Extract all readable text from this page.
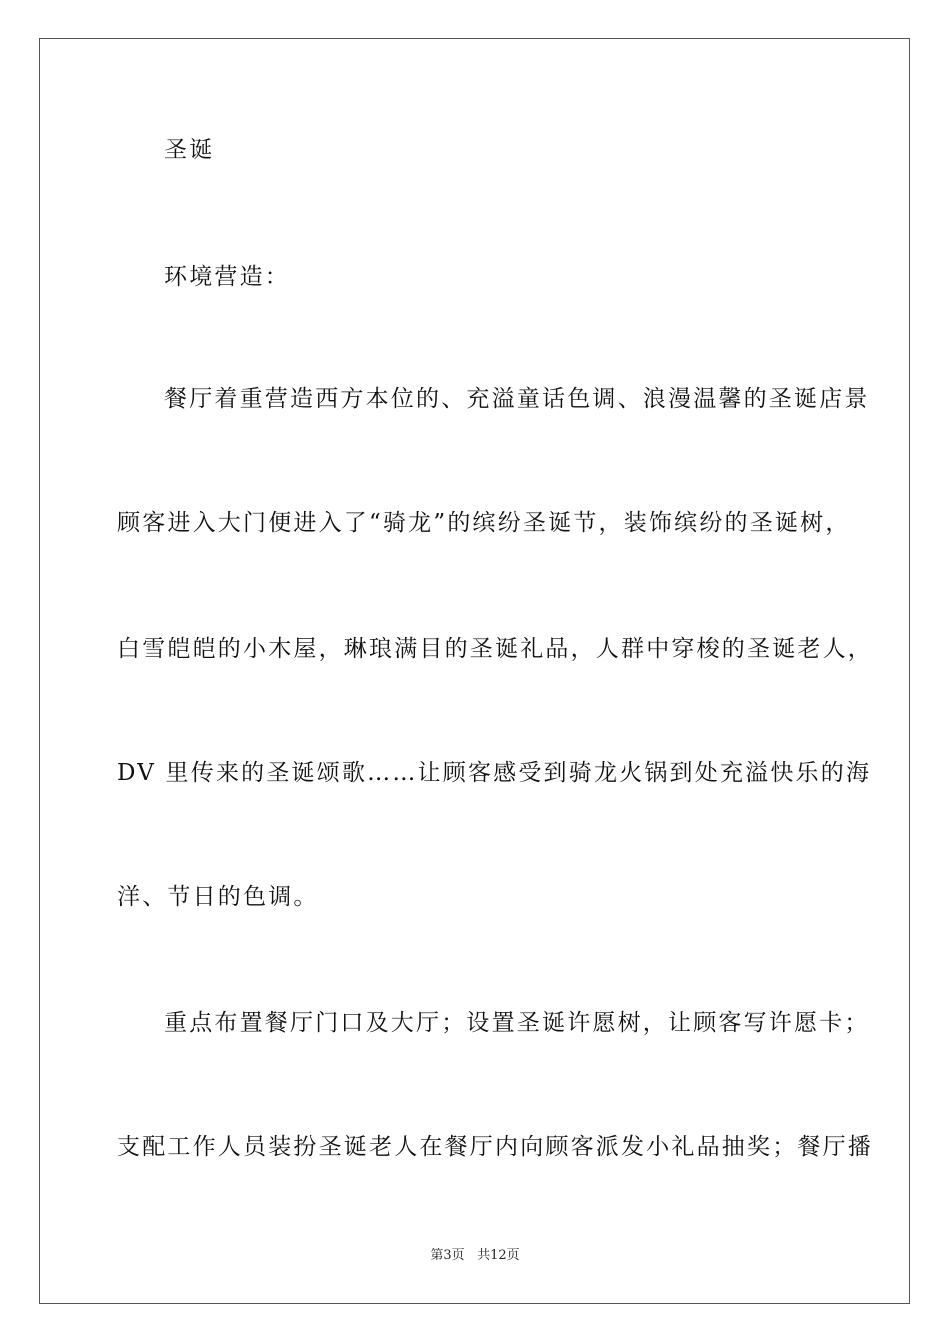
圣诞

环境营造：

餐厅着重营造西方本位的、充溢童话色调、浪漫温馨的圣诞店景

顾客进入大门便进入了“骑龙”的缤纷圣诞节，装饰缤纷的圣诞树，

白雪皑皑的小木屋，琳琅满目的圣诞礼品，人群中穿梭的圣诞老人，

DV 里传来的圣诞颂歌……让顾客感受到骑龙火锅到处充溢快乐的海

洋、节日的色调。

重点布置餐厅门口及大厅；设置圣诞许愿树，让顾客写许愿卡；

支配工作人员装扮圣诞老人在餐厅内向顾客派发小礼品抽奖；餐厅播

第3页 共12页
